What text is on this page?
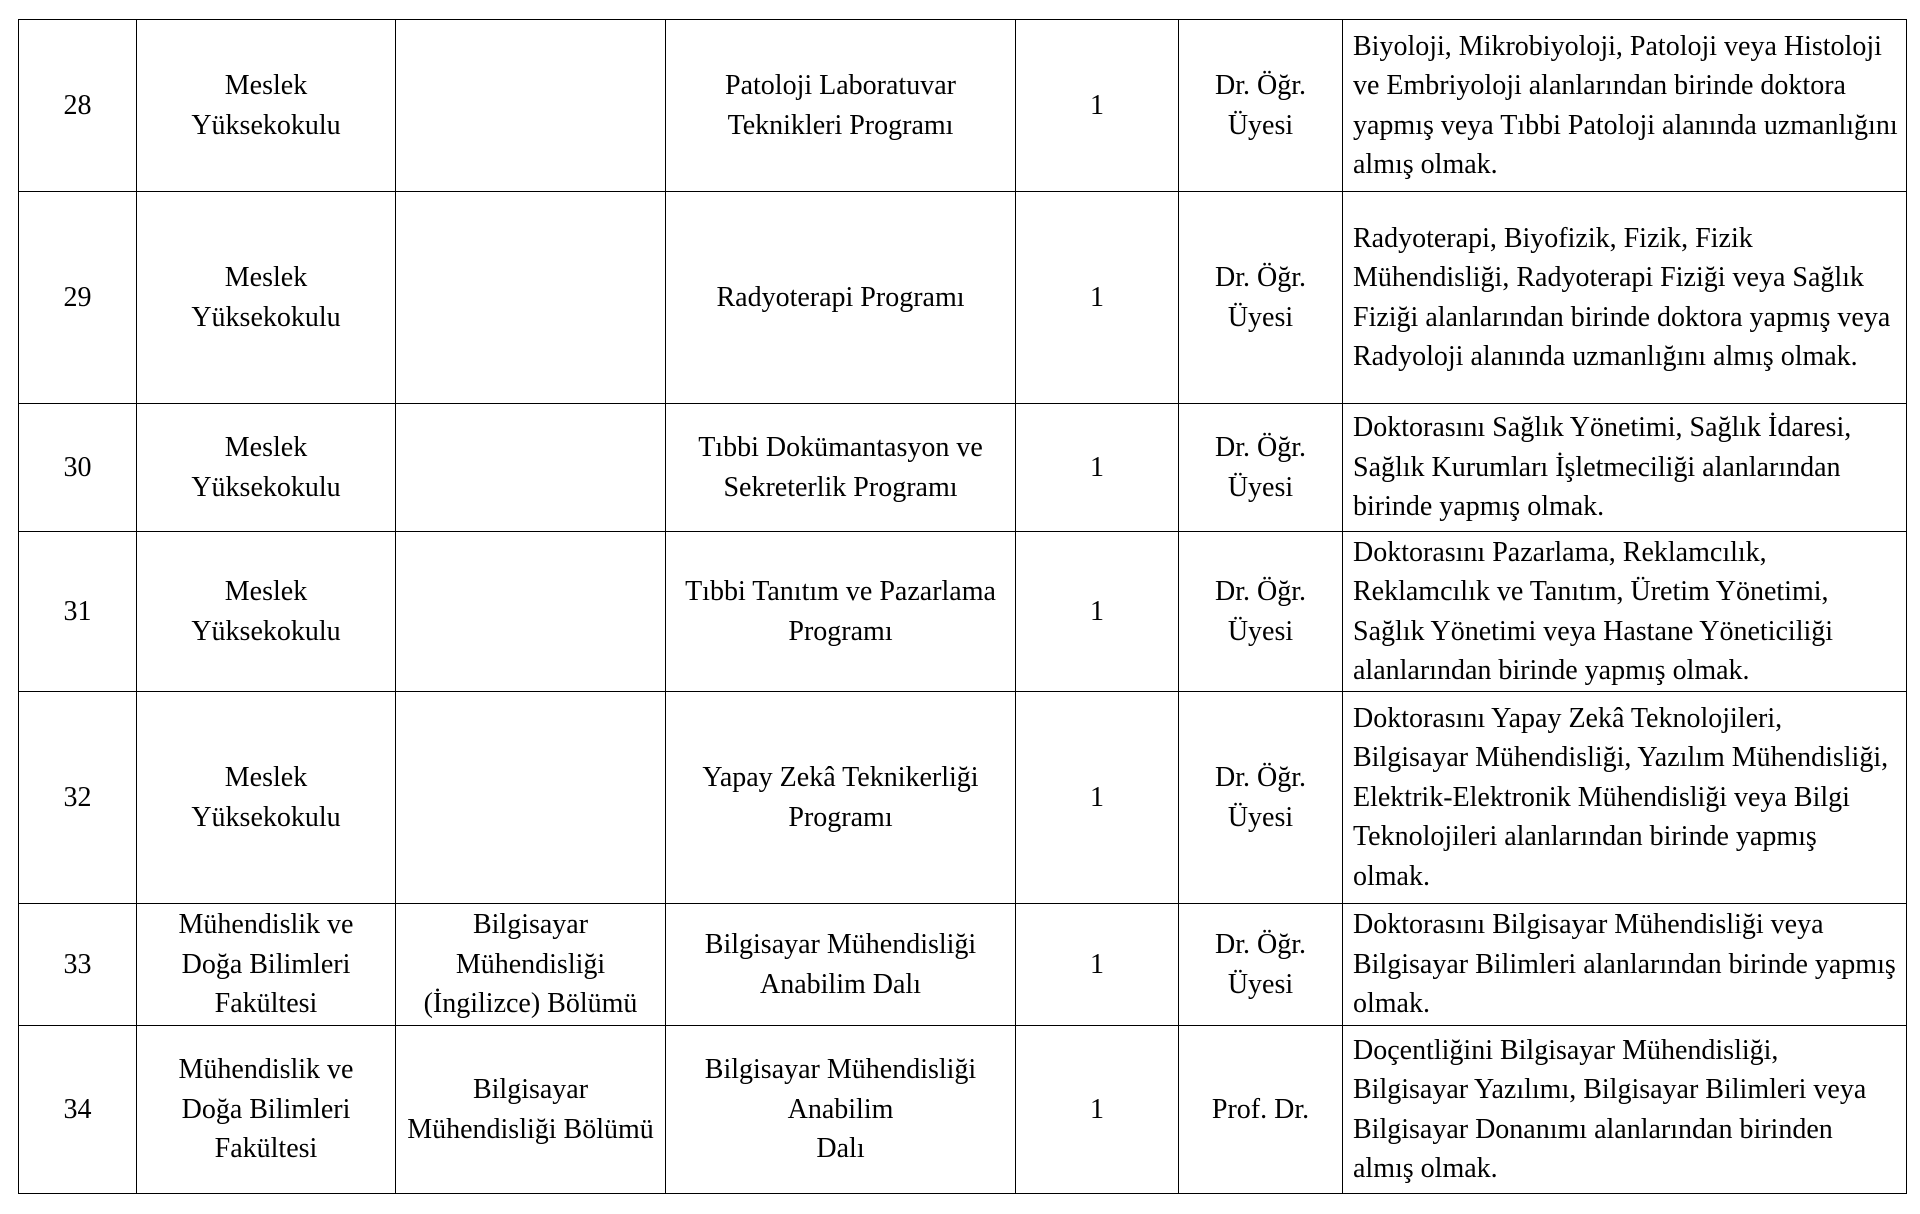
28	Meslek
Yüksekokulu		Patoloji Laboratuvar
Teknikleri Programı	1	Dr. Öğr.
Üyesi	Biyoloji, Mikrobiyoloji, Patoloji veya Histoloji ve Embriyoloji alanlarından birinde doktora yapmış veya Tıbbi Patoloji alanında uzmanlığını almış olmak.

29	Meslek
Yüksekokulu		Radyoterapi Programı	1	Dr. Öğr.
Üyesi	Radyoterapi, Biyofizik, Fizik, Fizik Mühendisliği, Radyoterapi Fiziği veya Sağlık Fiziği alanlarından birinde doktora yapmış veya Radyoloji alanında uzmanlığını almış olmak.

30	Meslek
Yüksekokulu		Tıbbi Dokümantasyon ve
Sekreterlik Programı	1	Dr. Öğr.
Üyesi	Doktorasını Sağlık Yönetimi, Sağlık İdaresi, Sağlık Kurumları İşletmeciliği alanlarından birinde yapmış olmak.

31	Meslek
Yüksekokulu		Tıbbi Tanıtım ve Pazarlama
Programı	1	Dr. Öğr.
Üyesi	Doktorasını Pazarlama, Reklamcılık, Reklamcılık ve Tanıtım, Üretim Yönetimi, Sağlık Yönetimi veya Hastane Yöneticiliği alanlarından birinde yapmış olmak.

32	Meslek
Yüksekokulu		Yapay Zekâ Teknikerliği
Programı	1	Dr. Öğr.
Üyesi	Doktorasını Yapay Zekâ Teknolojileri, Bilgisayar Mühendisliği, Yazılım Mühendisliği, Elektrik-Elektronik Mühendisliği veya Bilgi Teknolojileri alanlarından birinde yapmış olmak.

33	Mühendislik ve
Doğa Bilimleri
Fakültesi	Bilgisayar
Mühendisliği
(İngilizce) Bölümü	Bilgisayar Mühendisliği
Anabilim Dalı	1	Dr. Öğr.
Üyesi	Doktorasını Bilgisayar Mühendisliği veya Bilgisayar Bilimleri alanlarından birinde yapmış olmak.

34	Mühendislik ve
Doğa Bilimleri
Fakültesi	Bilgisayar
Mühendisliği Bölümü	Bilgisayar Mühendisliği
Anabilim
Dalı	1	Prof. Dr.	Doçentliğini Bilgisayar Mühendisliği, Bilgisayar Yazılımı, Bilgisayar Bilimleri veya Bilgisayar Donanımı alanlarından birinden almış olmak.
